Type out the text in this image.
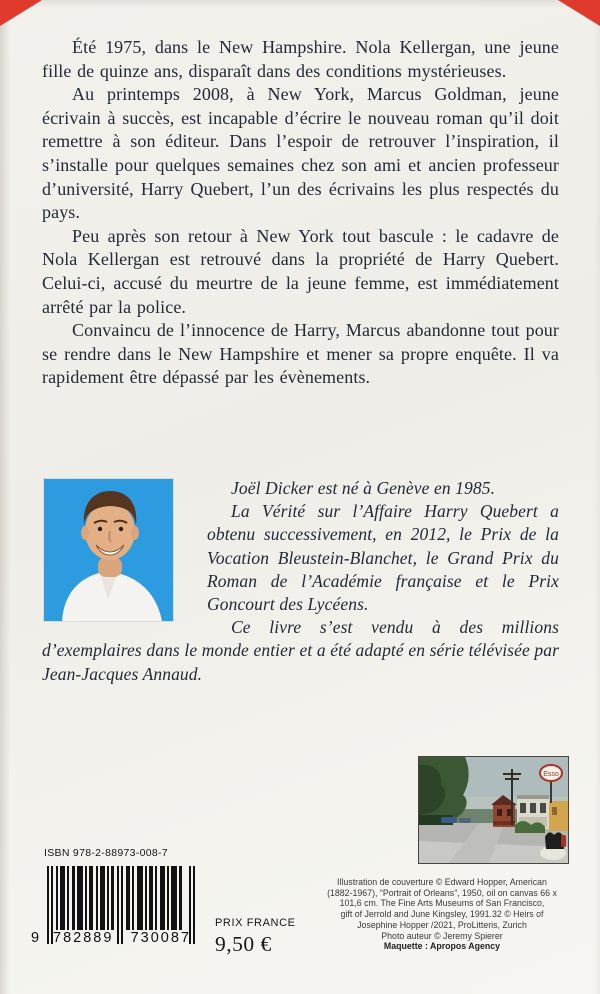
Été 1975, dans le New Hampshire. Nola Kellergan, une jeune fille de quinze ans, disparaît dans des conditions mystérieuses.

Au printemps 2008, à New York, Marcus Goldman, jeune écrivain à succès, est incapable d’écrire le nouveau roman qu’il doit remettre à son éditeur. Dans l’espoir de retrouver l’inspiration, il s’installe pour quelques semaines chez son ami et ancien professeur d’université, Harry Quebert, l’un des écrivains les plus respectés du pays.

Peu après son retour à New York tout bascule : le cadavre de Nola Kellergan est retrouvé dans la propriété de Harry Quebert. Celui-ci, accusé du meurtre de la jeune femme, est immédiatement arrêté par la police.

Convaincu de l’innocence de Harry, Marcus abandonne tout pour se rendre dans le New Hampshire et mener sa propre enquête. Il va rapidement être dépassé par les évènements.

Joël Dicker est né à Genève en 1985.

La Vérité sur l’Affaire Harry Quebert a obtenu successivement, en 2012, le Prix de la Vocation Bleustein-Blanchet, le Grand Prix du Roman de l’Académie française et le Prix Goncourt des Lycéens.

Ce livre s’est vendu à des millions d’exemplaires dans le monde entier et a été adapté en série télévisée par Jean-Jacques Annaud.

ISBN 978-2-88973-008-7
9 782889 730087
PRIX FRANCE
9,50 €
Esso
Illustration de couverture © Edward Hopper, American
(1882-1967), “Portrait of Orleans”, 1950, oil on canvas 66 x
101,6 cm. The Fine Arts Museums of San Francisco,
gift of Jerrold and June Kingsley, 1991.32 © Heirs of
Josephine Hopper /2021, ProLitteris, Zurich
Photo auteur © Jeremy Spierer
Maquette : Apropos Agency
